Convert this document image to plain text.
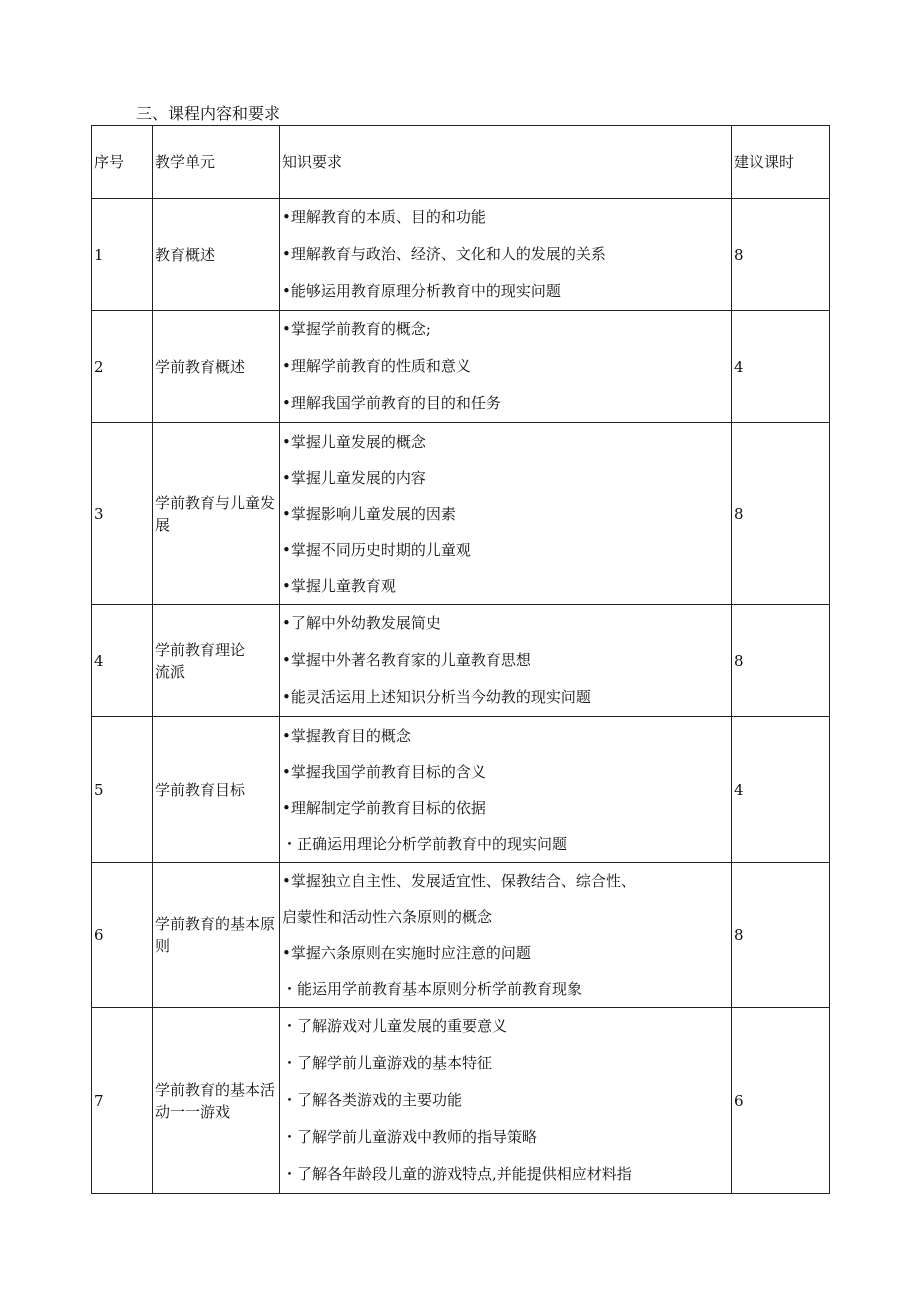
三、课程内容和要求
序号	教学单元	知识要求	建议课时

1	教育概述	•理解教育的本质、目的和功能
•理解教育与政治、经济、文化和人的发展的关系
•能够运用教育原理分析教育中的现实问题	8
2	学前教育概述	•掌握学前教育的概念;
•理解学前教育的性质和意义
•理解我国学前教育的目的和任务	4
3	学前教育与儿童发展	•掌握儿童发展的概念
•掌握儿童发展的内容
•掌握影响儿童发展的因素
•掌握不同历史时期的儿童观
•掌握儿童教育观	8
4	学前教育理论流派	•了解中外幼教发展简史
•掌握中外著名教育家的儿童教育思想
•能灵活运用上述知识分析当今幼教的现实问题	8
5	学前教育目标	•掌握教育目的概念
•掌握我国学前教育目标的含义
•理解制定学前教育目标的依据
・正确运用理论分析学前教育中的现实问题	4
6	学前教育的基本原则	•掌握独立自主性、发展适宜性、保教结合、综合性、
启蒙性和活动性六条原则的概念
•掌握六条原则在实施时应注意的问题
・能运用学前教育基本原则分析学前教育现象	8
7	学前教育的基本活动一一游戏	・了解游戏对儿童发展的重要意义
・了解学前儿童游戏的基本特征
・了解各类游戏的主要功能
・了解学前儿童游戏中教师的指导策略
・了解各年龄段儿童的游戏特点,并能提供相应材料指	6
